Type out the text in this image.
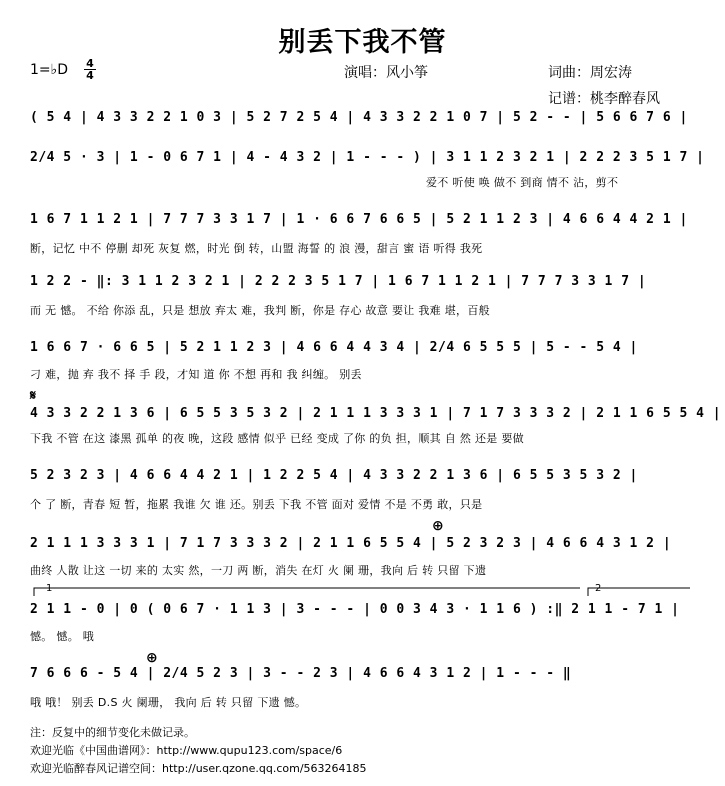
别丢下我不管
1=♭D 4
4	演唱：风小筝	词曲：周宏涛
记谱：桃李醉春风
( 5 4 | 4 3 3 2 2 1 0 3 | 5 2 7 2 5 4 | 4 3 3 2 2 1 0 7 | 5 2 - - | 5 6 6 7 6 |
2/4 5 · 3 | 1 - 0 6 7 1 | 4 - 4 3 2 | 1 - - - ) | 3 1 1 2 3 2 1 | 2 2 2 3 5 1 7 |
爱不 听使 唤 做不 到商 情不 沾，剪不
1 6 7 1 1 2 1 | 7 7 7 3 3 1 7 | 1 · 6 6 7 6 6 5 | 5 2 1 1 2 3 | 4 6 6 4 4 2 1 |
断，记忆 中不 停删 却死 灰复 燃，时光 倒 转，山盟 海誓 的 浪 漫，甜言 蜜 语 听得 我死
1 2 2 - ‖: 3 1 1 2 3 2 1 | 2 2 2 3 5 1 7 | 1 6 7 1 1 2 1 | 7 7 7 3 3 1 7 |
而 无 憾。 不给 你添 乱，只是 想放 弃太 难，我判 断，你是 存心 故意 要让 我难 堪，百般
1 6 6 7 · 6 6 5 | 5 2 1 1 2 3 | 4 6 6 4 4 3 4 | 2/4 6 5 5 5 | 5 - - 5 4 |
刁 难，抛 弃 我不 择 手 段，才知 道 你 不想 再和 我 纠缠。 别丢
𝄋
4 3 3 2 2 1 3 6 | 6 5 5 3 5 3 2 | 2 1 1 1 3 3 3 1 | 7 1 7 3 3 3 2 | 2 1 1 6 5 5 4 |
下我 不管 在这 漆黑 孤单 的夜 晚，这段 感情 似乎 已经 变成 了你 的负 担，顺其 自 然 还是 要做
5 2 3 2 3 | 4 6 6 4 4 2 1 | 1 2 2 5 4 | 4 3 3 2 2 1 3 6 | 6 5 5 3 5 3 2 |
个 了 断，青春 短 暂，拖累 我谁 欠 谁 还。别丢 下我 不管 面对 爱情 不是 不勇 敢，只是
⊕
2 1 1 1 3 3 3 1 | 7 1 7 3 3 3 2 | 2 1 1 6 5 5 4 | 5 2 3 2 3 | 4 6 6 4 3 1 2 |
曲终 人散 让这 一切 来的 太实 然，一刀 两 断，消失 在灯 火 阑 珊，我向 后 转 只留 下遗
1	2
2 1 1 - 0 | 0 ( 0 6 7 · 1 1 3 | 3 - - - | 0 0 3 4 3 · 1 1 6 ) :‖ 2 1 1 - 7 1 |
憾。 憾。 哦
⊕
7 6 6 6 - 5 4 | 2/4 5 2 3 | 3 - - 2 3 | 4 6 6 4 3 1 2 | 1 - - - ‖
哦 哦！ 别丢 D.S 火 阑珊， 我向 后 转 只留 下遗 憾。
注：反复中的细节变化未做记录。
欢迎光临《中国曲谱网》：http://www.qupu123.com/space/6
欢迎光临醉春风记谱空间：http://user.qzone.qq.com/563264185
